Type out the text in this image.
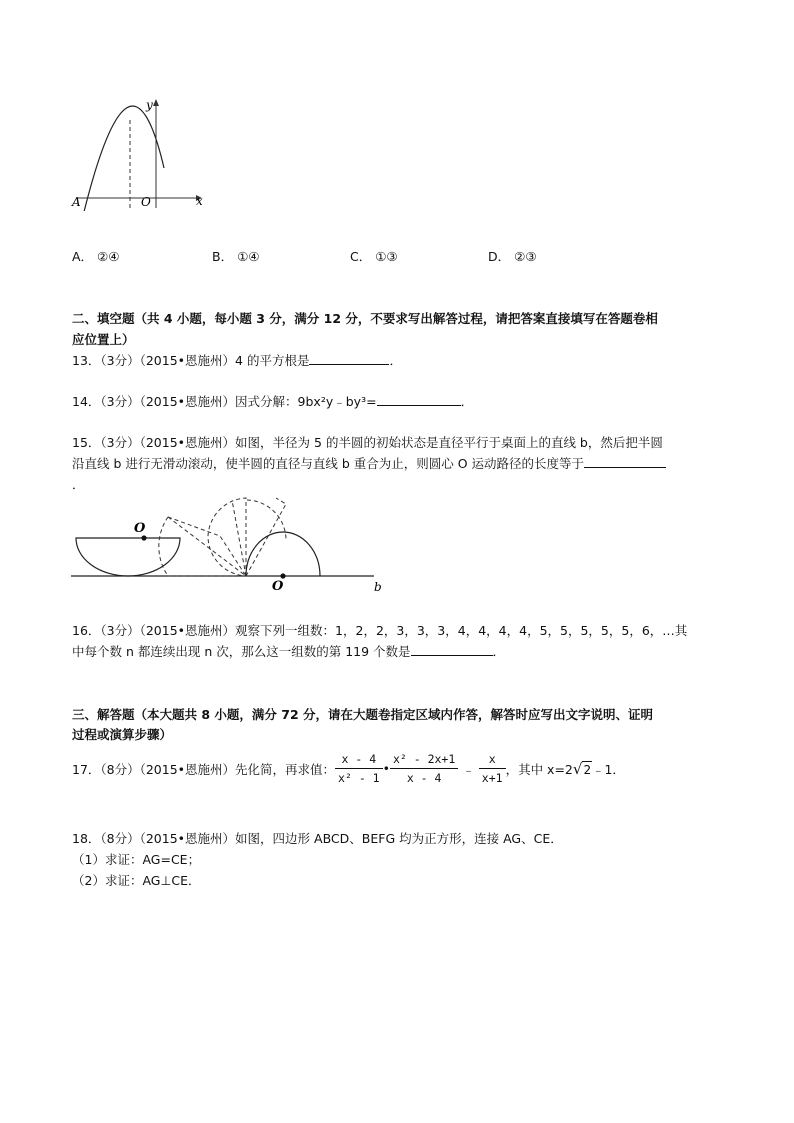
y
x
O
A
A． ②④	B． ①④	C． ①③	D． ②③
二、填空题（共 4 小题，每小题 3 分，满分 12 分，不要求写出解答过程，请把答案直接填写在答题卷相
应位置上）
13．（3分）（2015•恩施州）4 的平方根是	．
14．（3分）（2015•恩施州）因式分解：9bx²y﹣by³=	．
15．（3分）（2015•恩施州）如图，半径为 5 的半圆的初始状态是直径平行于桌面上的直线 b，然后把半圆
沿直线 b 进行无滑动滚动，使半圆的直径与直线 b 重合为止，则圆心 O 运动路径的长度等于
．
O
O	b
16．（3分）（2015•恩施州）观察下列一组数：1，2，2，3，3，3，4，4，4，4，5，5，5，5，5，6，…其
中每个数 n 都连续出现 n 次，那么这一组数的第 119 个数是	．
三、解答题（本大题共 8 小题，满分 72 分，请在大题卷指定区域内作答，解答时应写出文字说明、证明
过程或演算步骤）
17．（8分）（2015•恩施州）先化简，再求值： $\frac{x - 4}{\text{x² - 1}}$ • $\frac{\text{x² - 2x+1}}{x - 4}$ ﹣ $\frac{x}{x+1}$ ，其中 x=2 √ 2 ﹣1．
18．（8分）（2015•恩施州）如图，四边形 ABCD、BEFG 均为正方形，连接 AG、CE．
（1）求证：AG=CE；
（2）求证：AG⊥CE．
